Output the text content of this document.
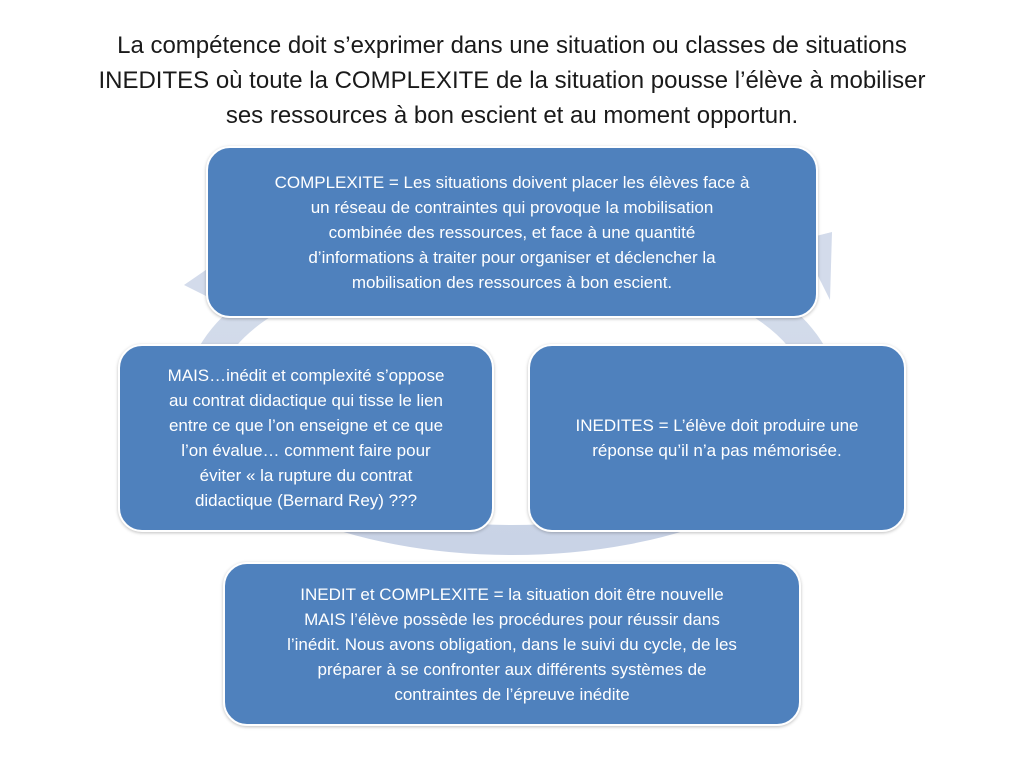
La compétence doit s’exprimer dans une situation ou classes de situations
INEDITES où toute la COMPLEXITE de la situation pousse l’élève à mobiliser
ses ressources à bon escient et au moment opportun.
COMPLEXITE = Les situations doivent placer les élèves face à
un réseau de contraintes qui provoque la mobilisation
combinée des ressources, et face à une quantité
d’informations à traiter pour organiser et déclencher la
mobilisation des ressources à bon escient.
MAIS…inédit et complexité s’oppose
au contrat didactique qui tisse le lien
entre ce que l’on enseigne et ce que
l’on évalue… comment faire pour
éviter « la rupture du contrat
didactique (Bernard Rey) ???
INEDITES = L’élève doit produire une
réponse qu’il n’a pas mémorisée.
INEDIT et COMPLEXITE = la situation doit être nouvelle
MAIS l’élève possède les procédures pour réussir dans
l’inédit. Nous avons obligation, dans le suivi du cycle, de les
préparer à se confronter aux différents systèmes de
contraintes de l’épreuve inédite
